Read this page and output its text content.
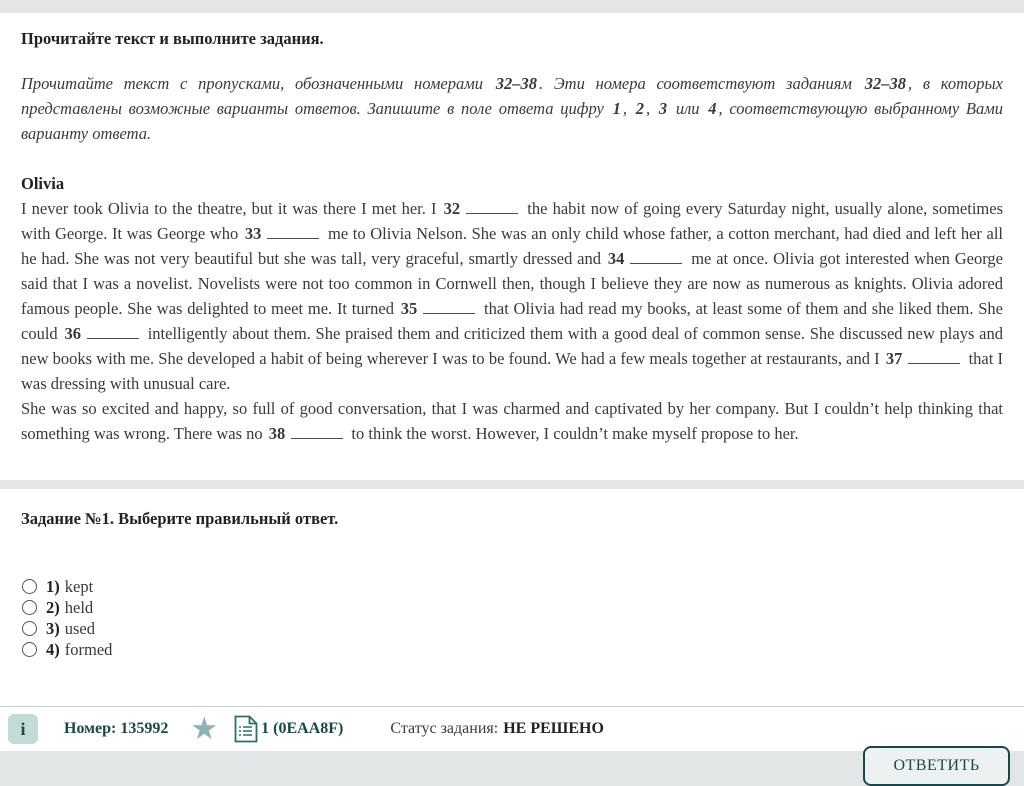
Прочитайте текст и выполните задания.

Прочитайте текст с пропусками, обозначенными номерами 32–38 . Эти номера соответствуют заданиям 32–38 , в которых представлены возможные варианты ответов. Запишите в поле ответа цифру 1 , 2 , 3 или 4 , соответствующую выбранному Вами варианту ответа.

Olivia

I never took Olivia to the theatre, but it was there I met her. I 32	the habit now of going every Saturday night, usually alone, sometimes with George. It was George who 33	me to Olivia Nelson. She was an only child whose father, a cotton merchant, had died and left her all he had. She was not very beautiful but she was tall, very graceful, smartly dressed and 34	me at once. Olivia got interested when George said that I was a novelist. Novelists were not too common in Cornwell then, though I believe they are now as numerous as knights. Olivia adored famous people. She was delighted to meet me. It turned 35	that Olivia had read my books, at least some of them and she liked them. She could 36	intelligently about them. She praised them and criticized them with a good deal of common sense. She discussed new plays and new books with me. She developed a habit of being wherever I was to be found. We had a few meals together at restaurants, and I 37	that I was dressing with unusual care.

She was so excited and happy, so full of good conversation, that I was charmed and captivated by her company. But I couldn’t help thinking that something was wrong. There was no 38	to think the worst. However, I couldn’t make myself propose to her.

Задание №1. Выберите правильный ответ.
1) kept
2) held
3) used
4) formed
i	Номер: 135992 ★	1 (0EAA8F)	Статус задания: НЕ РЕШЕНО
ОТВЕТИТЬ
